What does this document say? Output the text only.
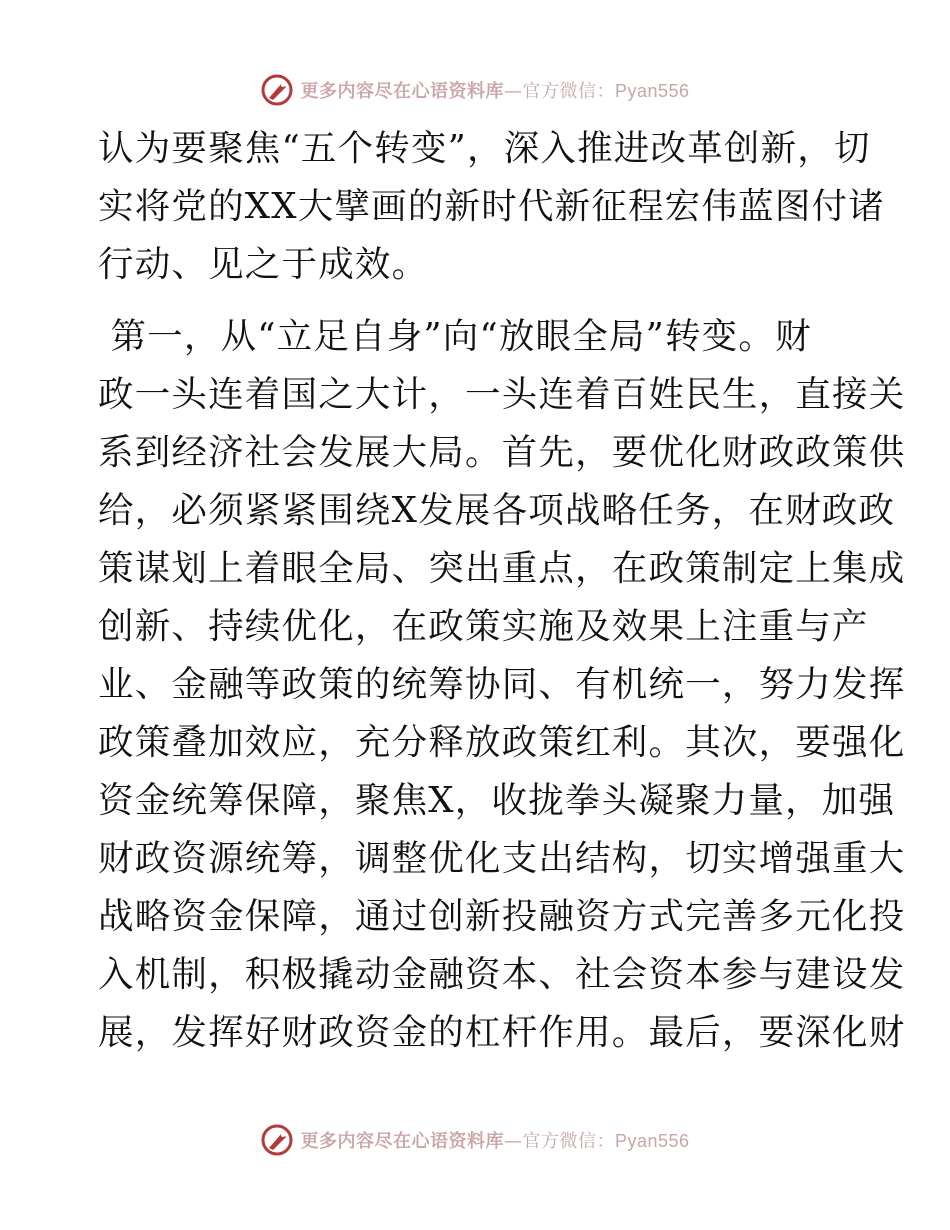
更多内容尽在心语资料库—官方微信：Pyan556
认为要聚焦“五个转变”，深入推进改革创新，切
实将党的XX大擘画的新时代新征程宏伟蓝图付诸
行动、见之于成效。
第一，从“立足自身”向“放眼全局”转变。财
政一头连着国之大计，一头连着百姓民生，直接关
系到经济社会发展大局。首先，要优化财政政策供
给，必须紧紧围绕X发展各项战略任务，在财政政
策谋划上着眼全局、突出重点，在政策制定上集成
创新、持续优化，在政策实施及效果上注重与产
业、金融等政策的统筹协同、有机统一，努力发挥
政策叠加效应，充分释放政策红利。其次，要强化
资金统筹保障，聚焦X，收拢拳头凝聚力量，加强
财政资源统筹，调整优化支出结构，切实增强重大
战略资金保障，通过创新投融资方式完善多元化投
入机制，积极撬动金融资本、社会资本参与建设发
展，发挥好财政资金的杠杆作用。最后，要深化财
更多内容尽在心语资料库—官方微信：Pyan556
